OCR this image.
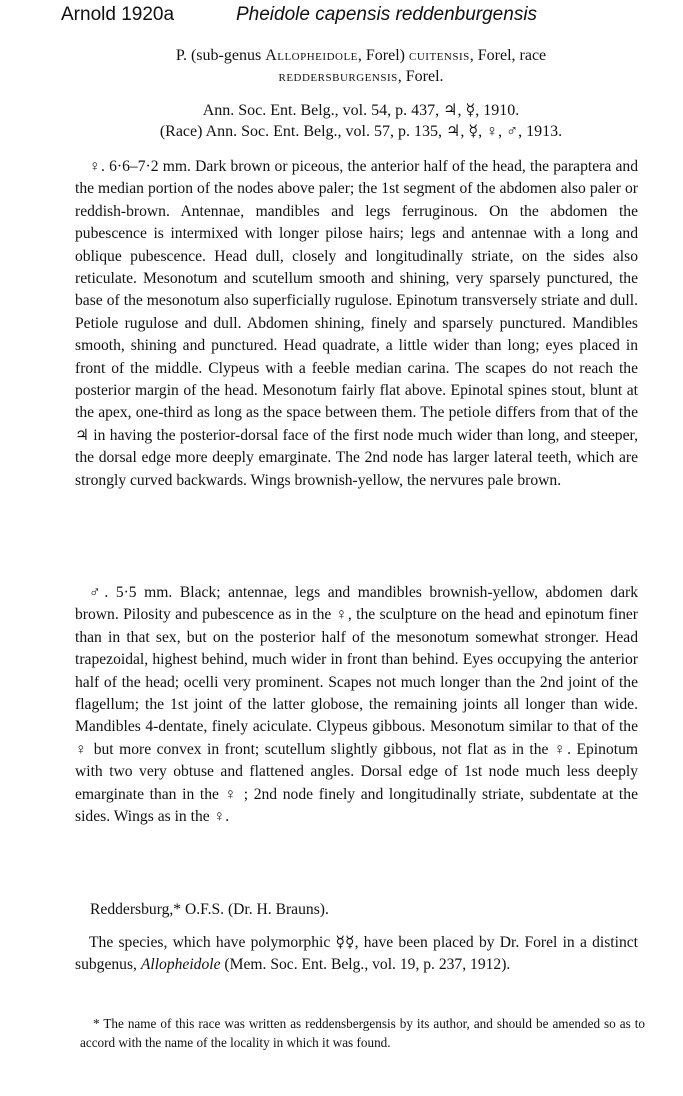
Arnold 1920a	Pheidole capensis reddenburgensis
P. (sub-genus Allopheidole, Forel) cuitensis, Forel, race
reddersburgensis, Forel.
Ann. Soc. Ent. Belg., vol. 54, p. 437, ♃, ☿, 1910.
(Race) Ann. Soc. Ent. Belg., vol. 57, p. 135, ♃, ☿, ♀, ♂, 1913.
♀. 6·6–7·2 mm. Dark brown or piceous, the anterior half of the head, the paraptera and the median portion of the nodes above paler; the 1st segment of the abdomen also paler or reddish-brown. Antennae, mandibles and legs ferruginous. On the abdomen the pubescence is intermixed with longer pilose hairs; legs and antennae with a long and oblique pubescence. Head dull, closely and longitudinally striate, on the sides also reticulate. Mesonotum and scutellum smooth and shining, very sparsely punctured, the base of the mesonotum also superficially rugulose. Epinotum transversely striate and dull. Petiole rugulose and dull. Abdomen shining, finely and sparsely punctured. Mandibles smooth, shining and punctured. Head quadrate, a little wider than long; eyes placed in front of the middle. Clypeus with a feeble median carina. The scapes do not reach the posterior margin of the head. Mesonotum fairly flat above. Epinotal spines stout, blunt at the apex, one-third as long as the space between them. The petiole differs from that of the ♃ in having the posterior-dorsal face of the first node much wider than long, and steeper, the dorsal edge more deeply emarginate. The 2nd node has larger lateral teeth, which are strongly curved backwards. Wings brownish-yellow, the nervures pale brown.
♂. 5·5 mm. Black; antennae, legs and mandibles brownish-yellow, abdomen dark brown. Pilosity and pubescence as in the ♀, the sculpture on the head and epinotum finer than in that sex, but on the posterior half of the mesonotum somewhat stronger. Head trapezoidal, highest behind, much wider in front than behind. Eyes occupying the anterior half of the head; ocelli very prominent. Scapes not much longer than the 2nd joint of the flagellum; the 1st joint of the latter globose, the remaining joints all longer than wide. Mandibles 4-dentate, finely aciculate. Clypeus gibbous. Mesonotum similar to that of the ♀ but more convex in front; scutellum slightly gibbous, not flat as in the ♀. Epinotum with two very obtuse and flattened angles. Dorsal edge of 1st node much less deeply emarginate than in the ♀ ; 2nd node finely and longitudinally striate, subdentate at the sides. Wings as in the ♀.
Reddersburg,* O.F.S. (Dr. H. Brauns).
The species, which have polymorphic ☿☿, have been placed by Dr. Forel in a distinct subgenus, Allopheidole (Mem. Soc. Ent. Belg., vol. 19, p. 237, 1912).
* The name of this race was written as reddensbergensis by its author, and should be amended so as to accord with the name of the locality in which it was found.
